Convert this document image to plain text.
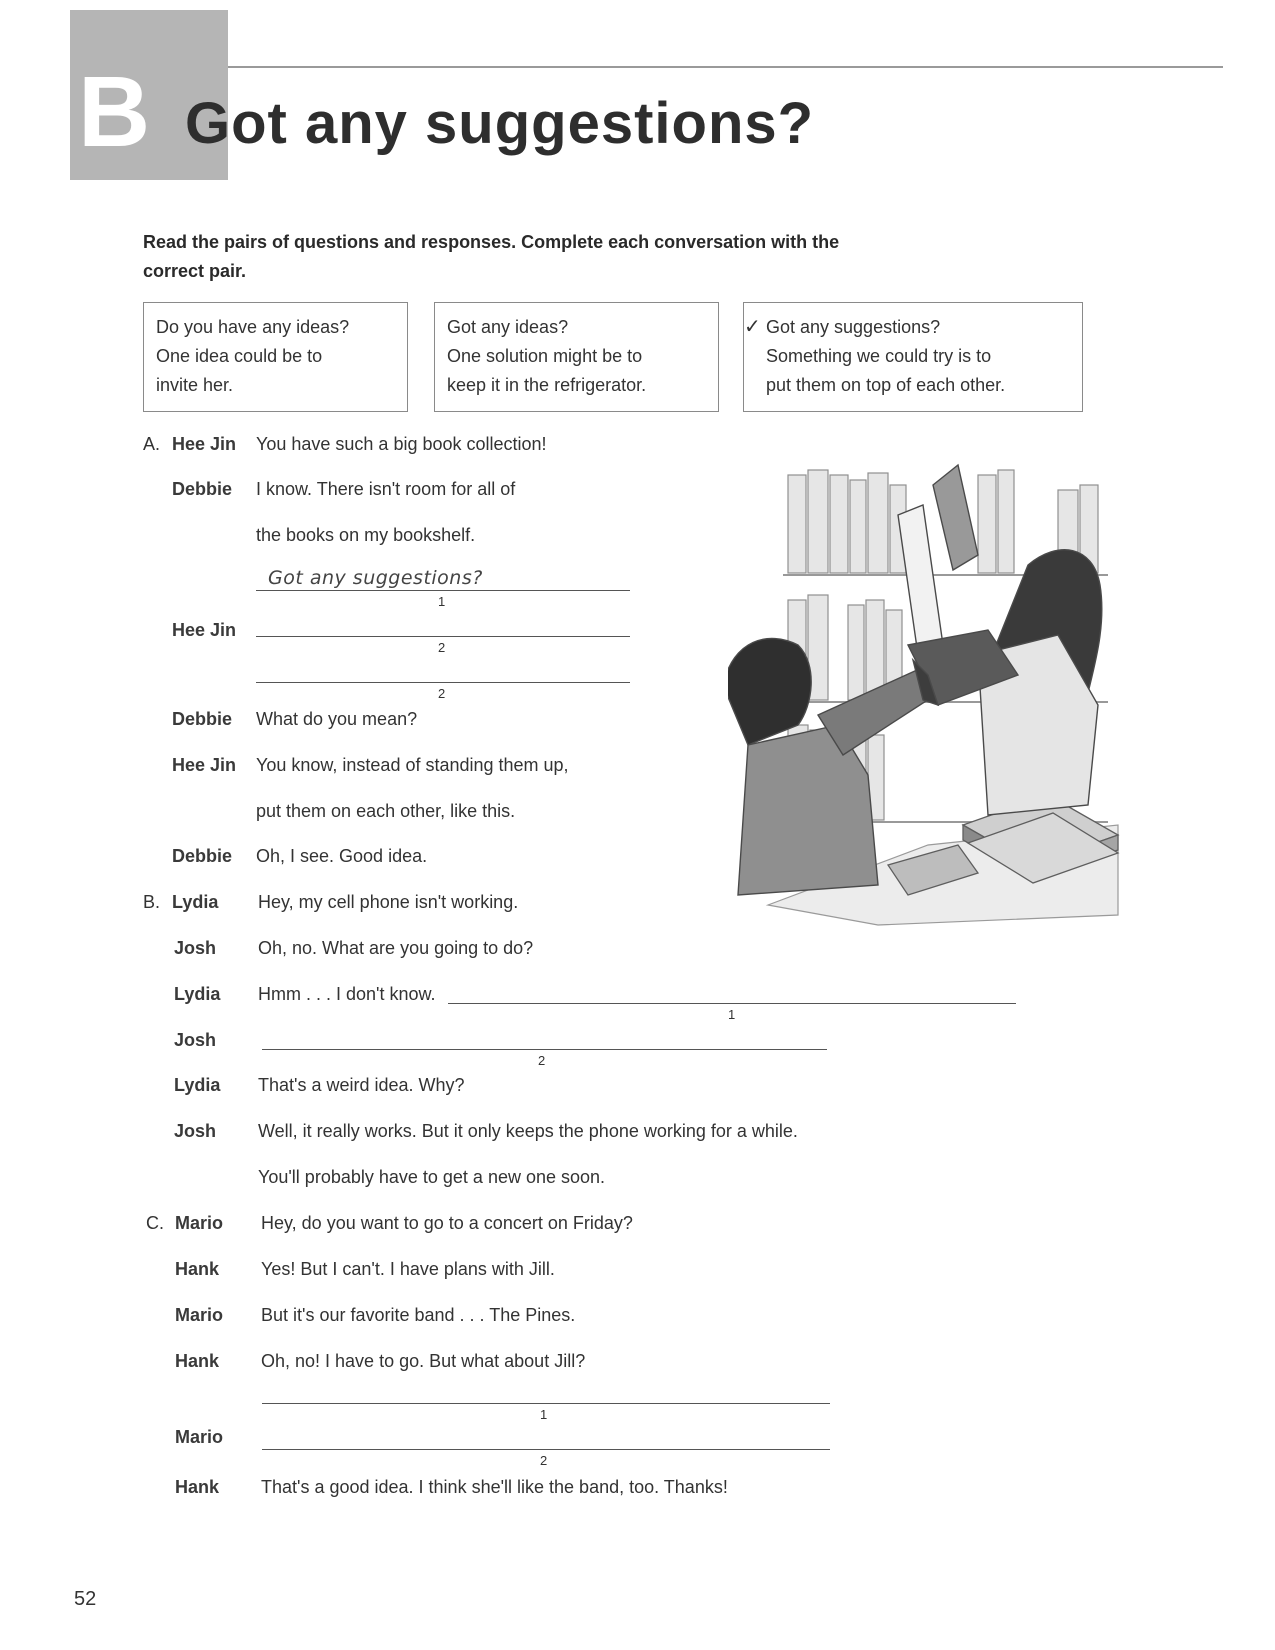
B Got any suggestions?
Read the pairs of questions and responses. Complete each conversation with the correct pair.
Do you have any ideas?
One idea could be to
invite her.
Got any ideas?
One solution might be to
keep it in the refrigerator.
✓ Got any suggestions?
Something we could try is to
put them on top of each other.
A. Hee Jin You have such a big book collection!
Debbie I know. There isn't room for all of
the books on my bookshelf.
Got any suggestions?
1
Hee Jin
2
2
Debbie What do you mean?
Hee Jin You know, instead of standing them up,
put them on each other, like this.
Debbie Oh, I see. Good idea.
B. Lydia Hey, my cell phone isn't working.
Josh Oh, no. What are you going to do?
Lydia Hmm . . . I don't know.
1
Josh
2
Lydia That's a weird idea. Why?
Josh Well, it really works. But it only keeps the phone working for a while.
You'll probably have to get a new one soon.
C. Mario Hey, do you want to go to a concert on Friday?
Hank Yes! But I can't. I have plans with Jill.
Mario But it's our favorite band . . . The Pines.
Hank Oh, no! I have to go. But what about Jill?
1
Mario
2
Hank That's a good idea. I think she'll like the band, too. Thanks!
52
